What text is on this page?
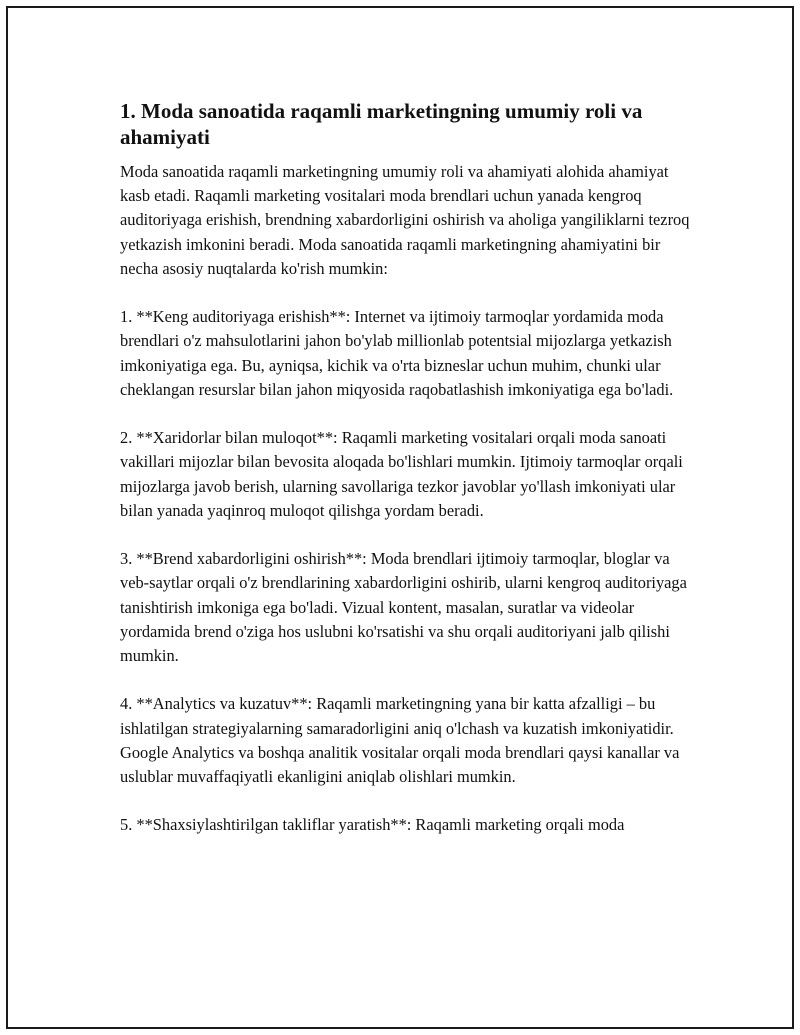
1. Moda sanoatida raqamli marketingning umumiy roli va ahamiyati

Moda sanoatida raqamli marketingning umumiy roli va ahamiyati alohida ahamiyat kasb etadi. Raqamli marketing vositalari moda brendlari uchun yanada kengroq auditoriyaga erishish, brendning xabardorligini oshirish va aholiga yangiliklarni tezroq yetkazish imkonini beradi. Moda sanoatida raqamli marketingning ahamiyatini bir necha asosiy nuqtalarda ko'rish mumkin:

1. **Keng auditoriyaga erishish**: Internet va ijtimoiy tarmoqlar yordamida moda brendlari o'z mahsulotlarini jahon bo'ylab millionlab potentsial mijozlarga yetkazish imkoniyatiga ega. Bu, ayniqsa, kichik va o'rta bizneslar uchun muhim, chunki ular cheklangan resurslar bilan jahon miqyosida raqobatlashish imkoniyatiga ega bo'ladi.

2. **Xaridorlar bilan muloqot**: Raqamli marketing vositalari orqali moda sanoati vakillari mijozlar bilan bevosita aloqada bo'lishlari mumkin. Ijtimoiy tarmoqlar orqali mijozlarga javob berish, ularning savollariga tezkor javoblar yo'llash imkoniyati ular bilan yanada yaqinroq muloqot qilishga yordam beradi.

3. **Brend xabardorligini oshirish**: Moda brendlari ijtimoiy tarmoqlar, bloglar va veb-saytlar orqali o'z brendlarining xabardorligini oshirib, ularni kengroq auditoriyaga tanishtirish imkoniga ega bo'ladi. Vizual kontent, masalan, suratlar va videolar yordamida brend o'ziga hos uslubni ko'rsatishi va shu orqali auditoriyani jalb qilishi mumkin.

4. **Analytics va kuzatuv**: Raqamli marketingning yana bir katta afzalligi – bu ishlatilgan strategiyalarning samaradorligini aniq o'lchash va kuzatish imkoniyatidir. Google Analytics va boshqa analitik vositalar orqali moda brendlari qaysi kanallar va uslublar muvaffaqiyatli ekanligini aniqlab olishlari mumkin.

5. **Shaxsiylashtirilgan takliflar yaratish**: Raqamli marketing orqali moda
